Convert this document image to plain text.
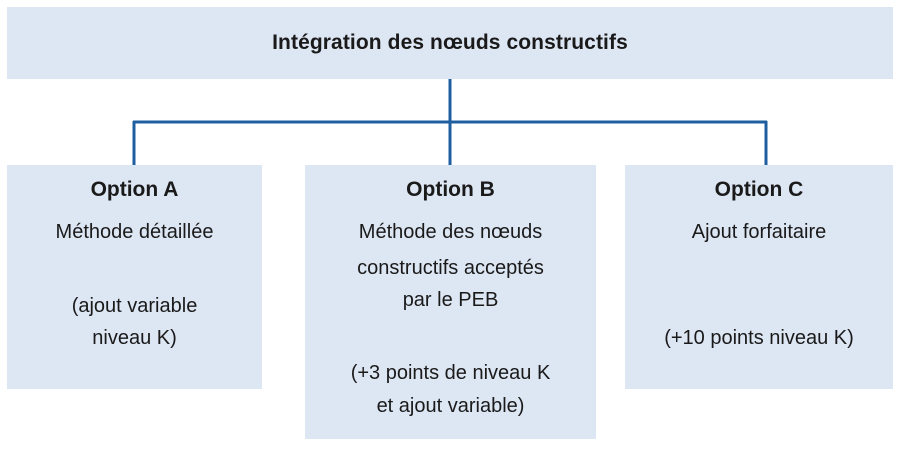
Intégration des nœuds constructifs
Option A
Méthode détaillée
(ajout variable
niveau K)
Option B
Méthode des nœuds
constructifs acceptés
par le PEB
(+3 points de niveau K
et ajout variable)
Option C
Ajout forfaitaire
(+10 points niveau K)
